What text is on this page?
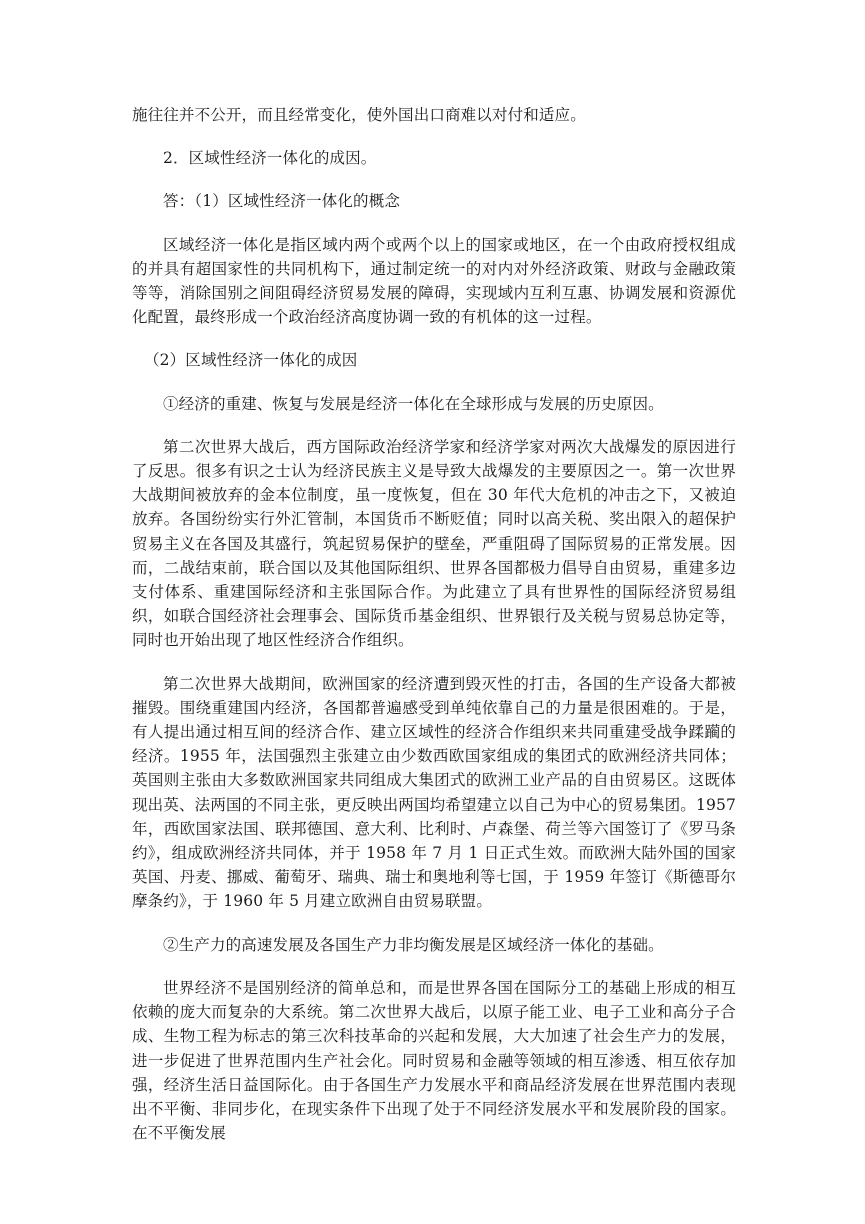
施往往并不公开，而且经常变化，使外国出口商难以对付和适应。

2．区域性经济一体化的成因。

答：（1）区域性经济一体化的概念

区域经济一体化是指区域内两个或两个以上的国家或地区，在一个由政府授权组成的并具有超国家性的共同机构下，通过制定统一的对内对外经济政策、财政与金融政策等等，消除国别之间阻碍经济贸易发展的障碍，实现域内互利互惠、协调发展和资源优化配置，最终形成一个政治经济高度协调一致的有机体的这一过程。

（2）区域性经济一体化的成因

①经济的重建、恢复与发展是经济一体化在全球形成与发展的历史原因。

第二次世界大战后，西方国际政治经济学家和经济学家对两次大战爆发的原因进行了反思。很多有识之士认为经济民族主义是导致大战爆发的主要原因之一。第一次世界大战期间被放弃的金本位制度，虽一度恢复，但在 30 年代大危机的冲击之下，又被迫放弃。各国纷纷实行外汇管制，本国货币不断贬值；同时以高关税、奖出限入的超保护贸易主义在各国及其盛行，筑起贸易保护的壁垒，严重阻碍了国际贸易的正常发展。因而，二战结束前，联合国以及其他国际组织、世界各国都极力倡导自由贸易，重建多边支付体系、重建国际经济和主张国际合作。为此建立了具有世界性的国际经济贸易组织，如联合国经济社会理事会、国际货币基金组织、世界银行及关税与贸易总协定等，同时也开始出现了地区性经济合作组织。

第二次世界大战期间，欧洲国家的经济遭到毁灭性的打击，各国的生产设备大都被摧毁。围绕重建国内经济，各国都普遍感受到单纯依靠自己的力量是很困难的。于是，有人提出通过相互间的经济合作、建立区域性的经济合作组织来共同重建受战争蹂躏的经济。1955 年，法国强烈主张建立由少数西欧国家组成的集团式的欧洲经济共同体；英国则主张由大多数欧洲国家共同组成大集团式的欧洲工业产品的自由贸易区。这既体现出英、法两国的不同主张，更反映出两国均希望建立以自己为中心的贸易集团。1957 年，西欧国家法国、联邦德国、意大利、比利时、卢森堡、荷兰等六国签订了《罗马条约》，组成欧洲经济共同体，并于 1958 年 7 月 1 日正式生效。而欧洲大陆外国的国家英国、丹麦、挪威、葡萄牙、瑞典、瑞士和奥地利等七国，于 1959 年签订《斯德哥尔摩条约》，于 1960 年 5 月建立欧洲自由贸易联盟。

②生产力的高速发展及各国生产力非均衡发展是区域经济一体化的基础。

世界经济不是国别经济的简单总和，而是世界各国在国际分工的基础上形成的相互依赖的庞大而复杂的大系统。第二次世界大战后，以原子能工业、电子工业和高分子合成、生物工程为标志的第三次科技革命的兴起和发展，大大加速了社会生产力的发展，进一步促进了世界范围内生产社会化。同时贸易和金融等领域的相互渗透、相互依存加强，经济生活日益国际化。由于各国生产力发展水平和商品经济发展在世界范围内表现出不平衡、非同步化，在现实条件下出现了处于不同经济发展水平和发展阶段的国家。在不平衡发展
